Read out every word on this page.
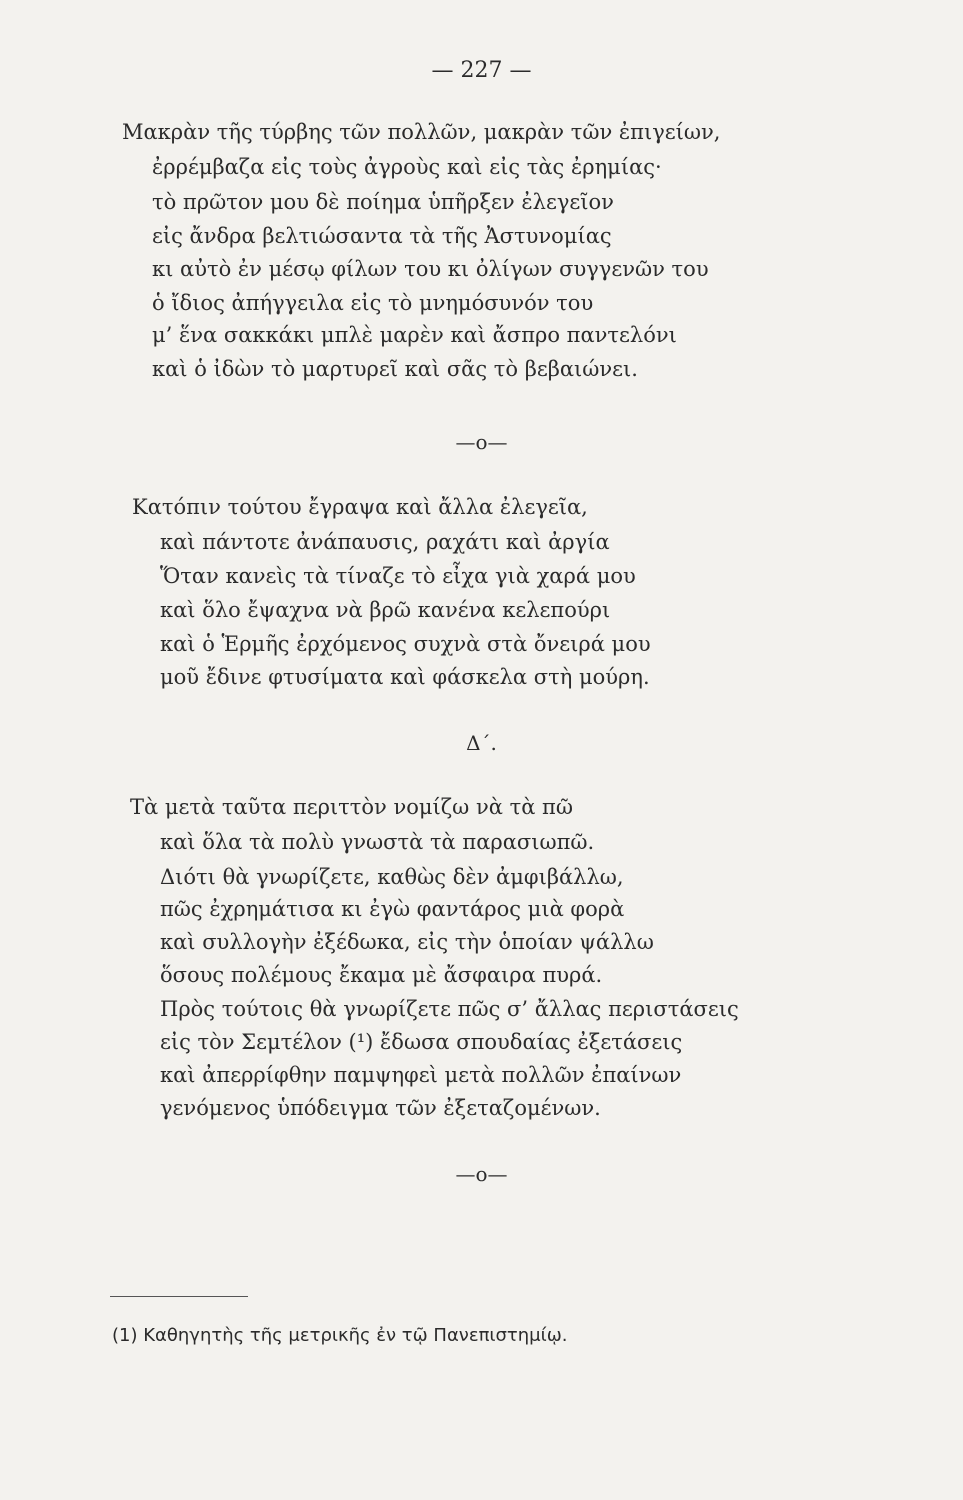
— 227 —
Μακρὰν τῆς τύρβης τῶν πολλῶν, μακρὰν τῶν ἐπιγείων,
ἐρρέμβαζα εἰς τοὺς ἀγροὺς καὶ εἰς τὰς ἐρημίας·
τὸ πρῶτον μου δὲ ποίημα ὑπῆρξεν ἐλεγεῖον
εἰς ἄνδρα βελτιώσαντα τὰ τῆς Ἀστυνομίας
κι αὐτὸ ἐν μέσῳ φίλων του κι ὀλίγων συγγενῶν του
ὁ ἴδιος ἀπήγγειλα εἰς τὸ μνημόσυνόν του
μ’ ἕνα σακκάκι μπλὲ μαρὲν καὶ ἄσπρο παντελόνι
καὶ ὁ ἰδὼν τὸ μαρτυρεῖ καὶ σᾶς τὸ βεβαιώνει.
—o—
Κατόπιν τούτου ἔγραψα καὶ ἄλλα ἐλεγεῖα,
καὶ πάντοτε ἀνάπαυσις, ραχάτι καὶ ἀργία
Ὅταν κανεὶς τὰ τίναζε τὸ εἶχα γιὰ χαρά μου
καὶ ὅλο ἔψαχνα νὰ βρῶ κανένα κελεπούρι
καὶ ὁ Ἑρμῆς ἐρχόμενος συχνὰ στὰ ὄνειρά μου
μοῦ ἔδινε φτυσίματα καὶ φάσκελα στὴ μούρη.
Δ΄.
Τὰ μετὰ ταῦτα περιττὸν νομίζω νὰ τὰ πῶ
καὶ ὅλα τὰ πολὺ γνωστὰ τὰ παρασιωπῶ.
Διότι θὰ γνωρίζετε, καθὼς δὲν ἀμφιβάλλω,
πῶς ἐχρημάτισα κι ἐγὼ φαντάρος μιὰ φορὰ
καὶ συλλογὴν ἐξέδωκα, εἰς τὴν ὁποίαν ψάλλω
ὅσους πολέμους ἔκαμα μὲ ἄσφαιρα πυρά.
Πρὸς τούτοις θὰ γνωρίζετε πῶς σ’ ἄλλας περιστάσεις
εἰς τὸν Σεμτέλον (¹) ἔδωσα σπουδαίας ἐξετάσεις
καὶ ἀπερρίφθην παμψηφεὶ μετὰ πολλῶν ἐπαίνων
γενόμενος ὑπόδειγμα τῶν ἐξεταζομένων.
—o—
(1) Καθηγητὴς τῆς μετρικῆς ἐν τῷ Πανεπιστημίῳ.
